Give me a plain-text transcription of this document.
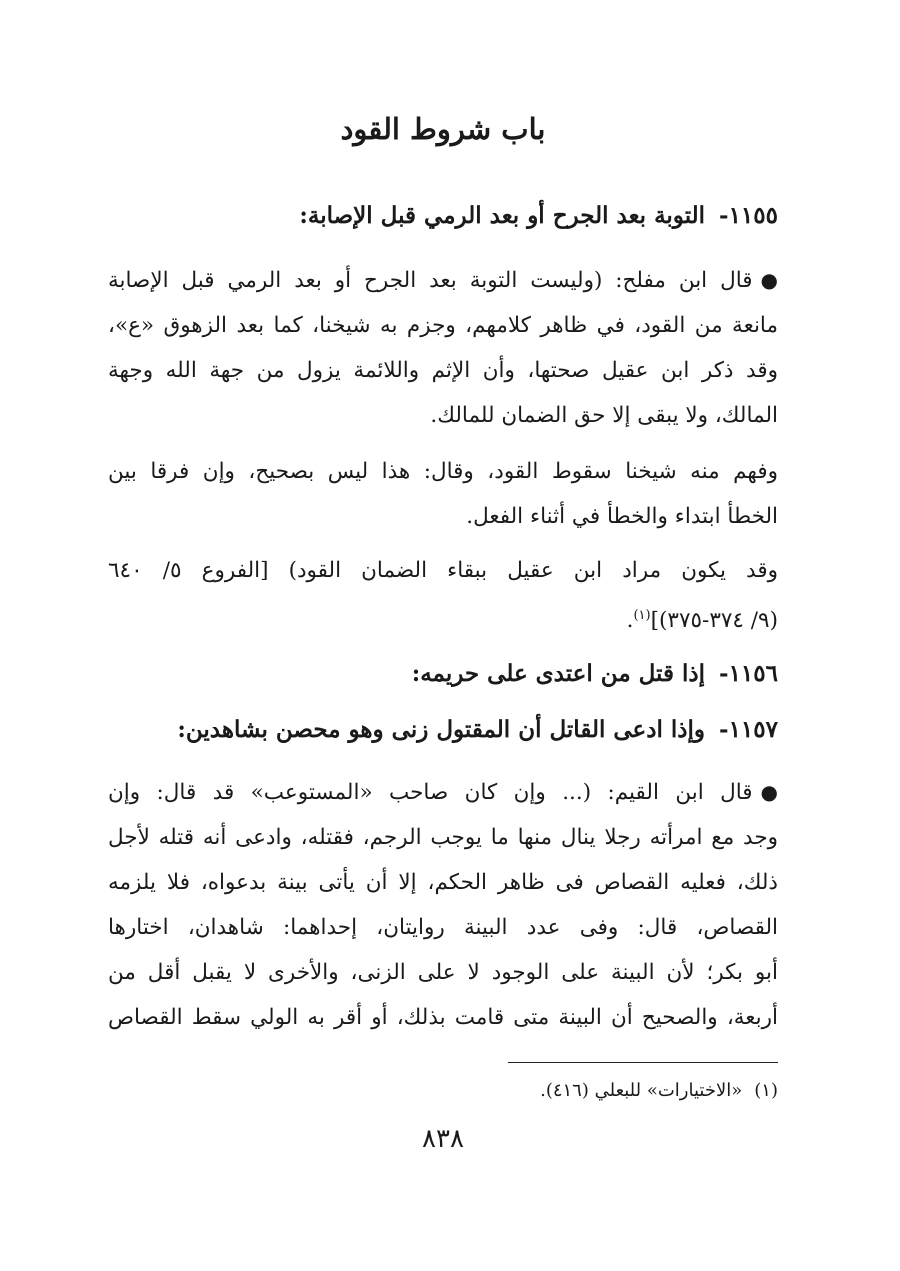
باب شروط القود
١١٥٥-التوبة بعد الجرح أو بعد الرمي قبل الإصابة:
●قال ابن مفلح: (وليست التوبة بعد الجرح أو بعد الرمي قبل الإصابة
مانعة من القود، في ظاهر كلامهم، وجزم به شيخنا، كما بعد الزهوق «ع»،
وقد ذكر ابن عقيل صحتها، وأن الإثم واللائمة يزول من جهة الله وجهة
المالك، ولا يبقى إلا حق الضمان للمالك.
وفهم منه شيخنا سقوط القود، وقال: هذا ليس بصحيح، وإن فرقا بين
الخطأ ابتداء والخطأ في أثناء الفعل.
وقد يكون مراد ابن عقيل ببقاء الضمان القود) [الفروع ٥/ ٦٤٠
(٩/ ٣٧٤-٣٧٥)]$^{(١)}$.
١١٥٦-إذا قتل من اعتدى على حريمه:
١١٥٧-وإذا ادعى القاتل أن المقتول زنى وهو محصن بشاهدين:
●قال ابن القيم: (... وإن كان صاحب «المستوعب» قد قال: وإن
وجد مع امرأته رجلا ينال منها ما يوجب الرجم، فقتله، وادعى أنه قتله لأجل
ذلك، فعليه القصاص فى ظاهر الحكم، إلا أن يأتى بينة بدعواه، فلا يلزمه
القصاص، قال: وفى عدد البينة روايتان، إحداهما: شاهدان، اختارها
أبو بكر؛ لأن البينة على الوجود لا على الزنى، والأخرى لا يقبل أقل من
أربعة، والصحيح أن البينة متى قامت بذلك، أو أقر به الولي سقط القصاص

(١)«الاختيارات» للبعلي (٤١٦).

٨٣٨
